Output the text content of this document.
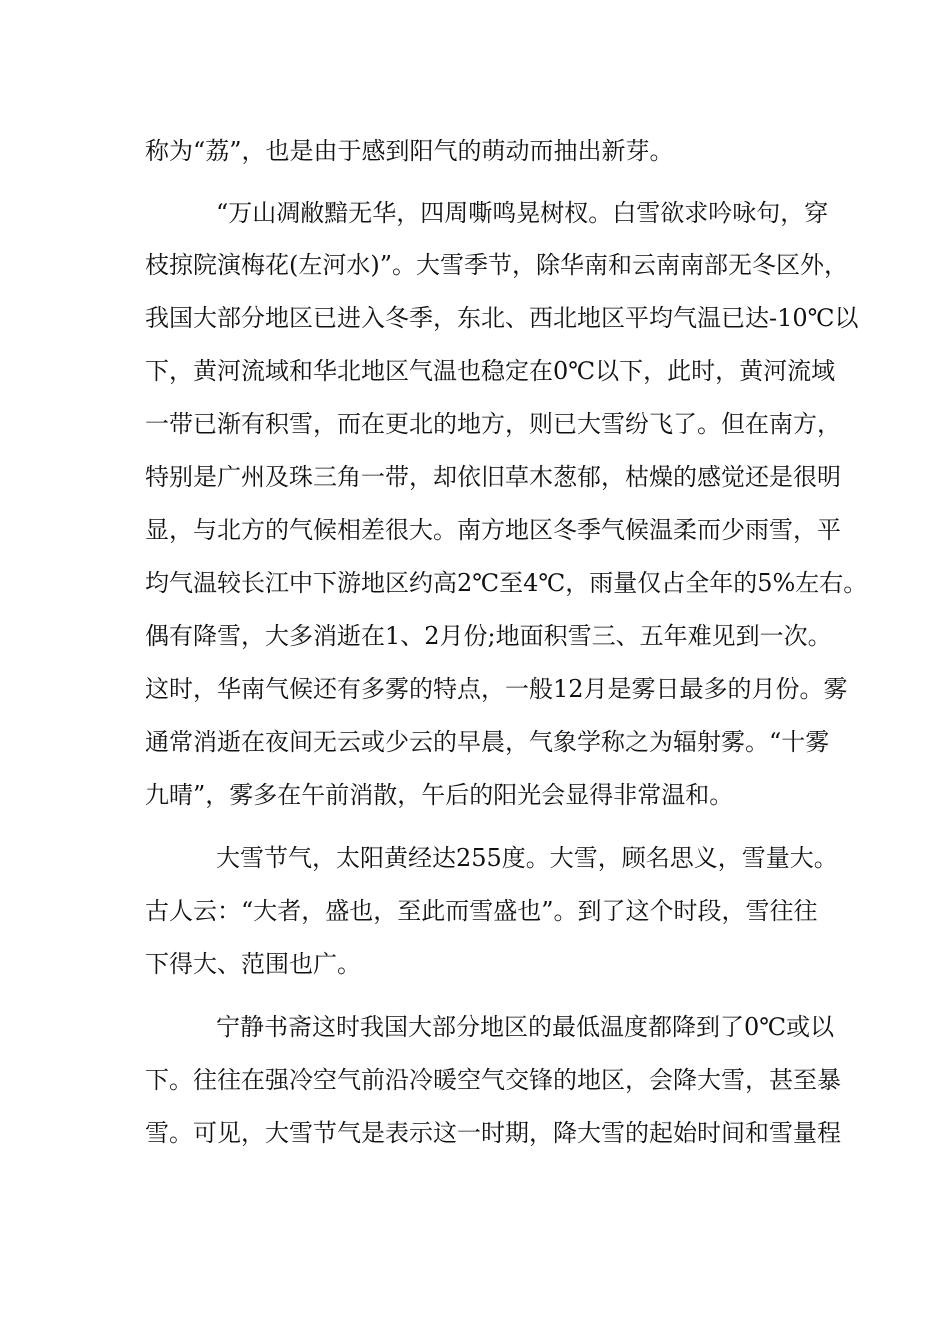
称为“荔”，也是由于感到阳气的萌动而抽出新芽。
“万山凋敝黯无华，四周嘶鸣晃树杈。白雪欲求吟咏句，穿
枝掠院演梅花(左河水)”。大雪季节，除华南和云南南部无冬区外，
我国大部分地区已进入冬季，东北、西北地区平均气温已达-10℃以
下，黄河流域和华北地区气温也稳定在0℃以下，此时，黄河流域
一带已渐有积雪，而在更北的地方，则已大雪纷飞了。但在南方，
特别是广州及珠三角一带，却依旧草木葱郁，枯燥的感觉还是很明
显，与北方的气候相差很大。南方地区冬季气候温柔而少雨雪，平
均气温较长江中下游地区约高2℃至4℃，雨量仅占全年的5%左右。
偶有降雪，大多消逝在1、2月份;地面积雪三、五年难见到一次。
这时，华南气候还有多雾的特点，一般12月是雾日最多的月份。雾
通常消逝在夜间无云或少云的早晨，气象学称之为辐射雾。“十雾
九晴”，雾多在午前消散，午后的阳光会显得非常温和。
大雪节气，太阳黄经达255度。大雪，顾名思义，雪量大。
古人云：“大者，盛也，至此而雪盛也”。到了这个时段，雪往往
下得大、范围也广。
宁静书斋这时我国大部分地区的最低温度都降到了0℃或以
下。往往在强冷空气前沿冷暖空气交锋的地区，会降大雪，甚至暴
雪。可见，大雪节气是表示这一时期，降大雪的起始时间和雪量程
